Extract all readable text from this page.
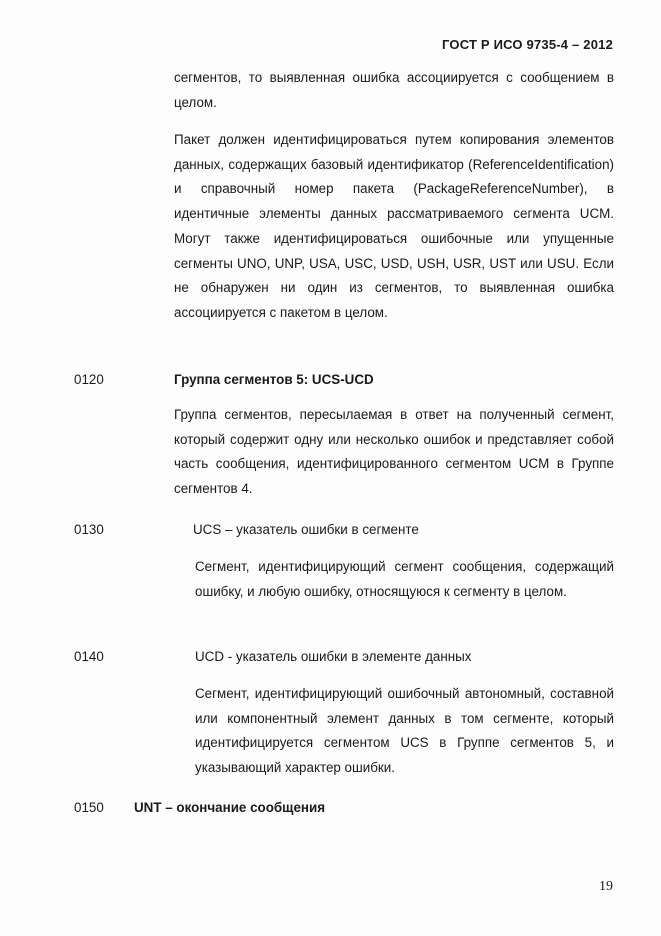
ГОСТ Р ИСО 9735-4 – 2012

сегментов, то выявленная ошибка ассоциируется с сообщением в целом.

Пакет должен идентифицироваться путем копирования элементов данных, содержащих базовый идентификатор (ReferenceIdentification) и справочный номер пакета (PackageReferenceNumber), в идентичные элементы данных рассматриваемого сегмента UCM. Могут также идентифицироваться ошибочные или упущенные сегменты UNO, UNP, USA, USC, USD, USH, USR, UST или USU. Если не обнаружен ни один из сегментов, то выявленная ошибка ассоциируется с пакетом в целом.

0120	Группа сегментов 5: UCS-UCD

Группа сегментов, пересылаемая в ответ на полученный сегмент, который содержит одну или несколько ошибок и представляет собой часть сообщения, идентифицированного сегментом UCM в Группе сегментов 4.

0130	UCS – указатель ошибки в сегменте

Сегмент, идентифицирующий сегмент сообщения, содержащий ошибку, и любую ошибку, относящуюся к сегменту в целом.

0140	UCD - указатель ошибки в элементе данных

Сегмент, идентифицирующий ошибочный автономный, составной или компонентный элемент данных в том сегменте, который идентифицируется сегментом UCS в Группе сегментов 5, и указывающий характер ошибки.

0150 UNT – окончание сообщения
19
